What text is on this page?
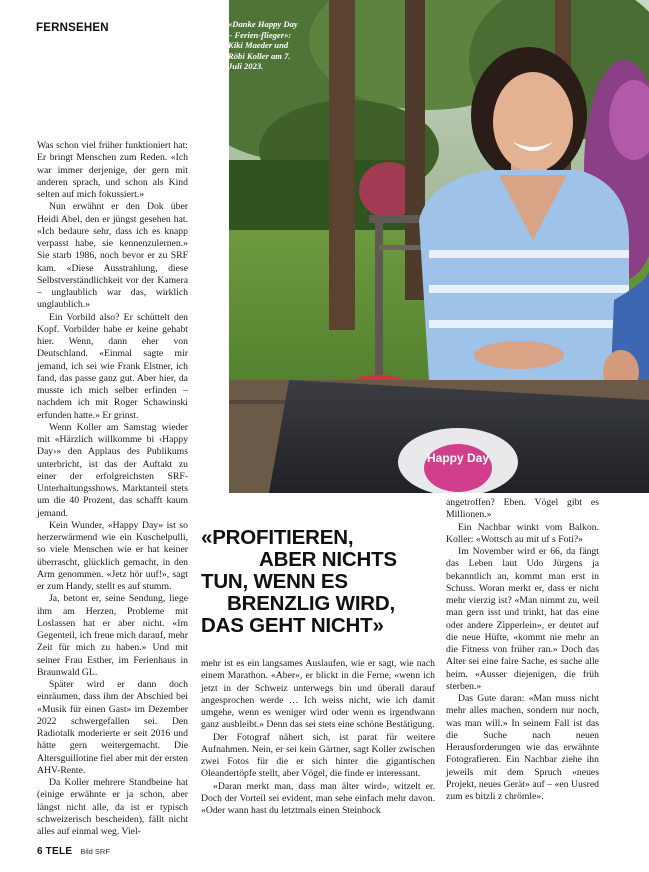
FERNSEHEN
Happy Day
«Danke Happy Day – Ferien-flieger»: Kiki Maeder und Röbi Koller am 7. Juli 2023.

Was schon viel früher funktioniert hat: Er bringt Menschen zum Reden. «Ich war immer derjenige, der gern mit anderen sprach, und schon als Kind selten auf mich fokussiert.»

Nun erwähnt er den Dok über Heidi Abel, den er jüngst gesehen hat. «Ich bedaure sehr, dass ich es knapp verpasst habe, sie kennenzulernen.» Sie starb 1986, noch bevor er zu SRF kam. «Diese Ausstrahlung, diese Selbstverständlichkeit vor der Kamera – unglaublich war das, wirklich unglaublich.»

Ein Vorbild also? Er schüttelt den Kopf. Vorbilder habe er keine gehabt hier. Wenn, dann eher von Deutschland. «Einmal sagte mir jemand, ich sei wie Frank Elstner, ich fand, das passe ganz gut. Aber hier, da musste ich mich selber erfinden – nachdem ich mit Roger Schawinski erfunden hatte.» Er grinst.

Wenn Koller am Samstag wieder mit «Härzlich willkomme bi ‹Happy Day›» den Applaus des Publikums unterbricht, ist das der Auftakt zu einer der erfolgreichsten SRF-Unterhaltungsshows. Marktanteil stets um die 40 Prozent, das schafft kaum jemand.

Kein Wunder, «Happy Day» ist so herzerwärmend wie ein Kuschelpulli, so viele Menschen wie er hat keiner überrascht, glücklich gemacht, in den Arm genommen. «Jetz hör uuf!», sagt er zum Handy, stellt es auf stumm.

Ja, betont er, seine Sendung, liege ihm am Herzen, Probleme mit Loslassen hat er aber nicht. «Im Gegenteil, ich freue mich darauf, mehr Zeit für mich zu haben.» Und mit seiner Frau Esther, im Ferienhaus in Braunwald GL.

Später wird er dann doch einräumen, dass ihm der Abschied bei «Musik für einen Gast» im Dezember 2022 schwergefallen sei. Den Radiotalk moderierte er seit 2016 und hätte gern weitergemacht. Die Altersguillotine fiel aber mit der ersten AHV-Rente.

Da Koller mehrere Standbeine hat (einige erwähnte er ja schon, aber längst nicht alle, da ist er typisch schweizerisch bescheiden), fällt nicht alles auf einmal weg. Viel-

«PROFITIEREN,
ABER NICHTS
TUN, WENN ES
BRENZLIG WIRD,
DAS GEHT NICHT»

mehr ist es ein langsames Auslaufen, wie er sagt, wie nach einem Marathon. «Aber», er blickt in die Ferne, «wenn ich jetzt in der Schweiz unterwegs bin und überall darauf angesprochen werde … Ich weiss nicht, wie ich damit umgehe, wenn es weniger wird oder wenn es irgendwann ganz ausbleibt.» Denn das sei stets eine schöne Bestätigung.

Der Fotograf nähert sich, ist parat für weitere Aufnahmen. Nein, er sei kein Gärtner, sagt Koller zwischen zwei Fotos für die er sich hinter die gigantischen Oleandertöpfe stellt, aber Vögel, die finde er interessant.

«Daran merkt man, dass man älter wird», witzelt er. Doch der Vorteil sei evident, man sehe einfach mehr davon. «Oder wann hast du letztmals einen Steinbock

angetroffen? Eben. Vögel gibt es Millionen.»

Ein Nachbar winkt vom Balkon. Koller: «Wottsch au mit uf s Foti?»

Im November wird er 66, da fängt das Leben laut Udo Jürgens ja bekanntlich an, kommt man erst in Schuss. Woran merkt er, dass er nicht mehr vierzig ist? «Man nimmt zu, weil man gern isst und trinkt, hat das eine oder andere Zipperlein», er deutet auf die neue Hüfte, «kommt nie mehr an die Fitness von früher ran.» Doch das Alter sei eine faire Sache, es suche alle heim. «Ausser diejenigen, die früh sterben.»

Das Gute daran: «Man muss nicht mehr alles machen, sondern nur noch, was man will.» In seinem Fall ist das die Suche nach neuen Herausforderungen wie das erwähnte Fotografieren. Ein Nachbar ziehe ihn jeweils mit dem Spruch «neues Projekt, neues Gerät» auf – «en Uusred zum es bitzli z chrömle».

6 TELE Bild SRF
